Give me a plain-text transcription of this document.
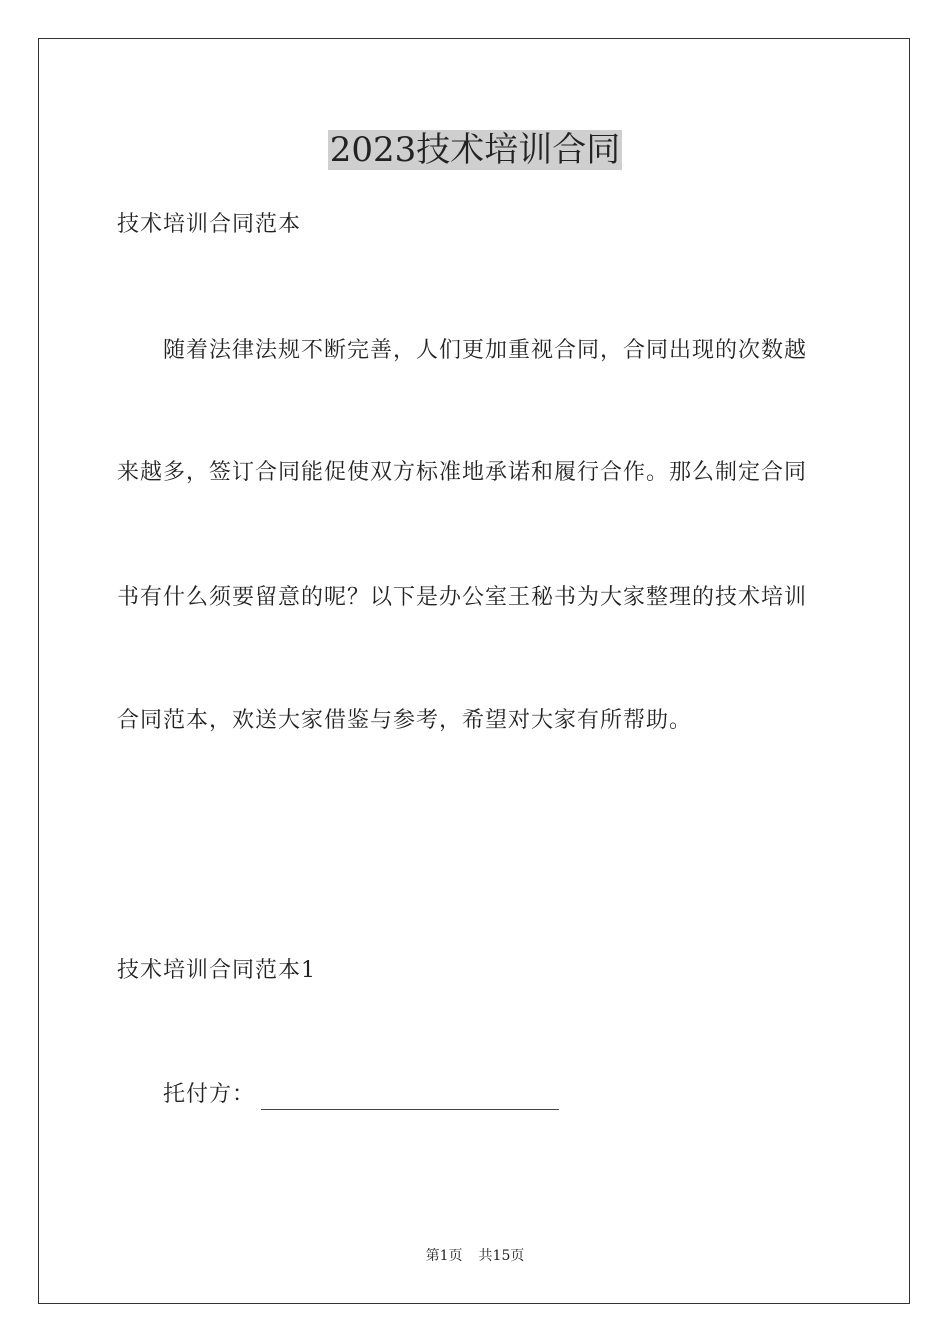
2023技术培训合同
技术培训合同范本
随着法律法规不断完善，人们更加重视合同，合同出现的次数越
来越多，签订合同能促使双方标准地承诺和履行合作。那么制定合同
书有什么须要留意的呢？以下是办公室王秘书为大家整理的技术培训
合同范本，欢送大家借鉴与参考，希望对大家有所帮助。
技术培训合同范本1
托付方：
第1页 共15页
